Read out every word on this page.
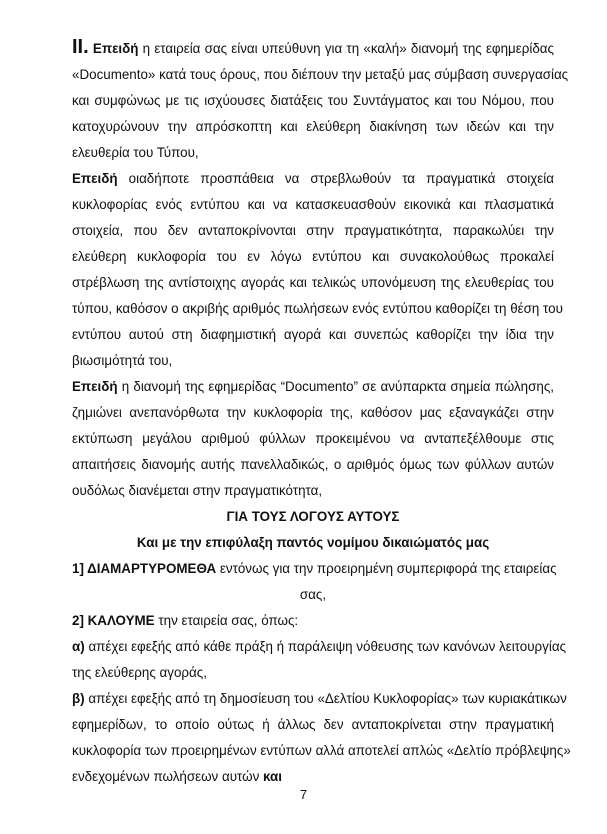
II. Επειδή η εταιρεία σας είναι υπεύθυνη για τη «καλή» διανομή της εφημερίδας
«Documento» κατά τους όρους, που διέπουν την μεταξύ μας σύμβαση συνεργασίας
και συμφώνως με τις ισχύουσες διατάξεις του Συντάγματος και του Νόμου, που
κατοχυρώνουν την απρόσκοπτη και ελεύθερη διακίνηση των ιδεών και την
ελευθερία του Τύπου,
Επειδή οιαδήποτε προσπάθεια να στρεβλωθούν τα πραγματικά στοιχεία
κυκλοφορίας ενός εντύπου και να κατασκευασθούν εικονικά και πλασματικά
στοιχεία, που δεν ανταποκρίνονται στην πραγματικότητα, παρακωλύει την
ελεύθερη κυκλοφορία του εν λόγω εντύπου και συνακολούθως προκαλεί
στρέβλωση της αντίστοιχης αγοράς και τελικώς υπονόμευση της ελευθερίας του
τύπου, καθόσον ο ακριβής αριθμός πωλήσεων ενός εντύπου καθορίζει τη θέση του
εντύπου αυτού στη διαφημιστική αγορά και συνεπώς καθορίζει την ίδια την
βιωσιμότητά του,
Επειδή η διανομή της εφημερίδας “Documento” σε ανύπαρκτα σημεία πώλησης,
ζημιώνει ανεπανόρθωτα την κυκλοφορία της, καθόσον μας εξαναγκάζει στην
εκτύπωση μεγάλου αριθμού φύλλων προκειμένου να ανταπεξέλθουμε στις
απαιτήσεις διανομής αυτής πανελλαδικώς, ο αριθμός όμως των φύλλων αυτών
ουδόλως διανέμεται στην πραγματικότητα,
ΓΙΑ ΤΟΥΣ ΛΟΓΟΥΣ ΑΥΤΟΥΣ
Και με την επιφύλαξη παντός νομίμου δικαιώματός μας
1] ΔΙΑΜΑΡΤΥΡΟΜΕΘΑ εντόνως για την προειρημένη συμπεριφορά της εταιρείας
σας,
2] ΚΑΛΟΥΜΕ την εταιρεία σας, όπως:
α) απέχει εφεξής από κάθε πράξη ή παράλειψη νόθευσης των κανόνων λειτουργίας
της ελεύθερης αγοράς,
β) απέχει εφεξής από τη δημοσίευση του «Δελτίου Κυκλοφορίας» των κυριακάτικων
εφημερίδων, το οποίο ούτως ή άλλως δεν ανταποκρίνεται στην πραγματική
κυκλοφορία των προειρημένων εντύπων αλλά αποτελεί απλώς «Δελτίο πρόβλεψης»
ενδεχομένων πωλήσεων αυτών και
7
